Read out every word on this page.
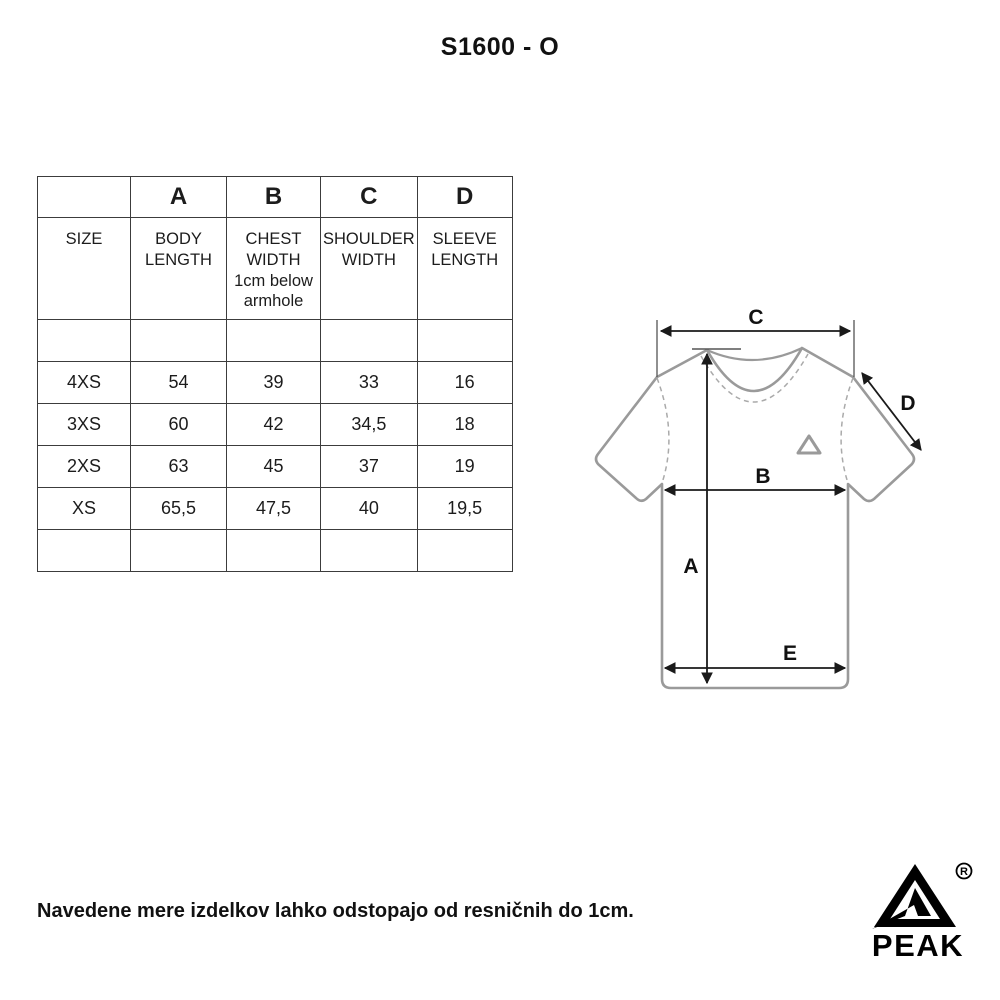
S1600 - O
	A	B	C	D
SIZE	BODY LENGTH	CHEST WIDTH 1cm below armhole	SHOULDER WIDTH	SLEEVE LENGTH

4XS	54	39	33	16
3XS	60	42	34,5	18
2XS	63	45	37	19
XS	65,5	47,5	40	19,5

C
A
B
D
E
Navedene mere izdelkov lahko odstopajo od resničnih do 1cm.
R
PEAK
